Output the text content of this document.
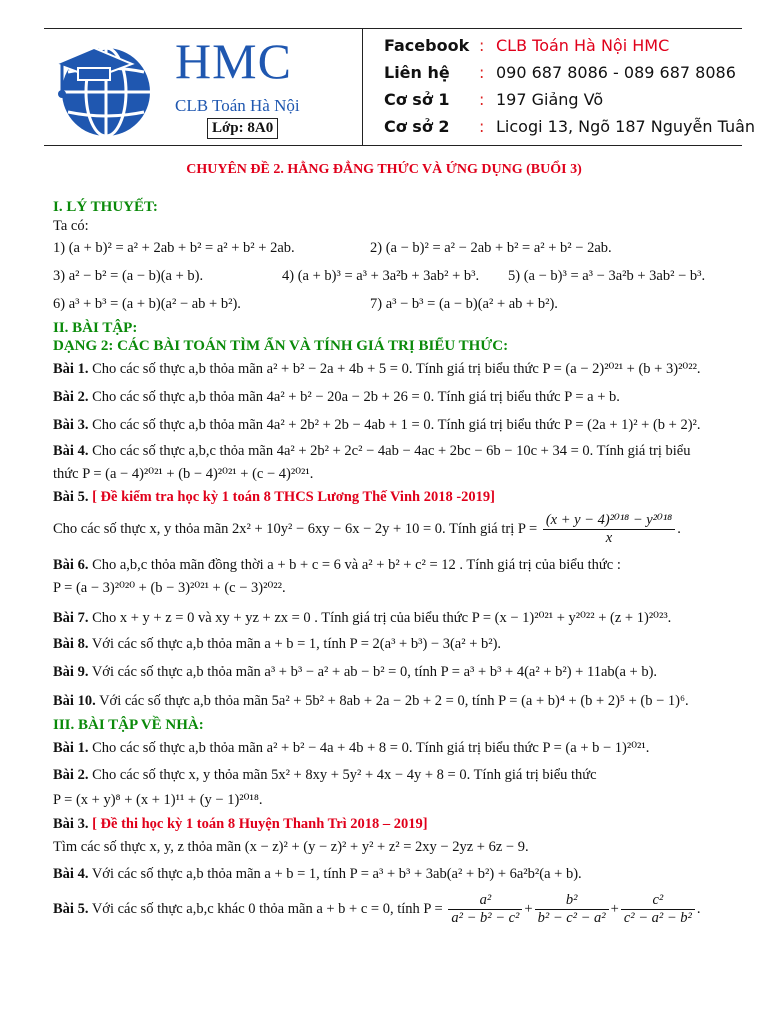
HMC
CLB Toán Hà Nội
Lớp: 8A0
Facebook : CLB Toán Hà Nội HMC
Liên hệ : 090 687 8086 - 089 687 8086
Cơ sở 1 : 197 Giảng Võ
Cơ sở 2 : Licogi 13, Ngõ 187 Nguyễn Tuân
CHUYÊN ĐỀ 2. HẰNG ĐẲNG THỨC VÀ ỨNG DỤNG (BUỔI 3)
I. LÝ THUYẾT:
Ta có:
1) (a + b)² = a² + 2ab + b² = a² + b² + 2ab.	2) (a − b)² = a² − 2ab + b² = a² + b² − 2ab.
3) a² − b² = (a − b)(a + b).	4) (a + b)³ = a³ + 3a²b + 3ab² + b³. 5) (a − b)³ = a³ − 3a²b + 3ab² − b³.
6) a³ + b³ = (a + b)(a² − ab + b²).	7) a³ − b³ = (a − b)(a² + ab + b²).
II. BÀI TẬP:
DẠNG 2: CÁC BÀI TOÁN TÌM ẨN VÀ TÍNH GIÁ TRỊ BIỂU THỨC:
Bài 1. Cho các số thực a,b thỏa mãn a² + b² − 2a + 4b + 5 = 0. Tính giá trị biểu thức P = (a − 2)²⁰²¹ + (b + 3)²⁰²².
Bài 2. Cho các số thực a,b thỏa mãn 4a² + b² − 20a − 2b + 26 = 0. Tính giá trị biểu thức P = a + b.
Bài 3. Cho các số thực a,b thỏa mãn 4a² + 2b² + 2b − 4ab + 1 = 0. Tính giá trị biểu thức P = (2a + 1)² + (b + 2)².
Bài 4. Cho các số thực a,b,c thỏa mãn 4a² + 2b² + 2c² − 4ab − 4ac + 2bc − 6b − 10c + 34 = 0. Tính giá trị biểu
thức P = (a − 4)²⁰²¹ + (b − 4)²⁰²¹ + (c − 4)²⁰²¹.
Bài 5. [ Đề kiểm tra học kỳ 1 toán 8 THCS Lương Thế Vinh 2018 -2019]
Cho các số thực x, y thỏa mãn 2x² + 10y² − 6xy − 6x − 2y + 10 = 0. Tính giá trị $P = \frac{\text{(x + y − 4)²⁰¹⁸ − y²⁰¹⁸}}{x}$ .
Bài 6. Cho a,b,c thỏa mãn đồng thời a + b + c = 6 và a² + b² + c² = 12 . Tính giá trị của biểu thức :
P = (a − 3)²⁰²⁰ + (b − 3)²⁰²¹ + (c − 3)²⁰²².
Bài 7. Cho x + y + z = 0 và xy + yz + zx = 0 . Tính giá trị của biểu thức P = (x − 1)²⁰²¹ + y²⁰²² + (z + 1)²⁰²³.
Bài 8. Với các số thực a,b thỏa mãn a + b = 1, tính P = 2(a³ + b³) − 3(a² + b²).
Bài 9. Với các số thực a,b thỏa mãn a³ + b³ − a² + ab − b² = 0, tính P = a³ + b³ + 4(a² + b²) + 11ab(a + b).
Bài 10. Với các số thực a,b thỏa mãn 5a² + 5b² + 8ab + 2a − 2b + 2 = 0, tính P = (a + b)⁴ + (b + 2)⁵ + (b − 1)⁶.
III. BÀI TẬP VỀ NHÀ:
Bài 1. Cho các số thực a,b thỏa mãn a² + b² − 4a + 4b + 8 = 0. Tính giá trị biểu thức P = (a + b − 1)²⁰²¹.
Bài 2. Cho các số thực x, y thỏa mãn 5x² + 8xy + 5y² + 4x − 4y + 8 = 0. Tính giá trị biểu thức
P = (x + y)⁸ + (x + 1)¹¹ + (y − 1)²⁰¹⁸.
Bài 3. [ Đề thi học kỳ 1 toán 8 Huyện Thanh Trì 2018 – 2019]
Tìm các số thực x, y, z thỏa mãn (x − z)² + (y − z)² + y² + z² = 2xy − 2yz + 6z − 9.
Bài 4. Với các số thực a,b thỏa mãn a + b = 1, tính P = a³ + b³ + 3ab(a² + b²) + 6a²b²(a + b).
Bài 5. Với các số thực a,b,c khác 0 thỏa mãn a + b + c = 0, tính $P = \frac{\text{a²}}{\text{a² − b² − c²}} + \frac{\text{b²}}{\text{b² − c² − a²}} + \frac{\text{c²}}{\text{c² − a² − b²}}$ .
